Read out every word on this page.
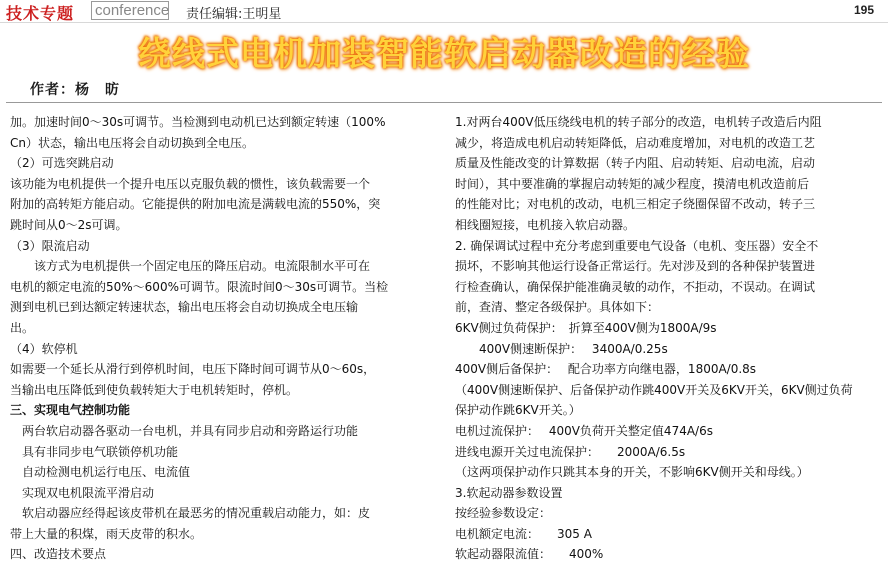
技术专题 conference 责任编辑:王明星	195
绕线式电机加装智能软启动器改造的经验
作者：杨　昉

加。加速时间0～30s可调节。当检测到电动机已达到额定转速（100%

Cn）状态，输出电压将会自动切换到全电压。

（2）可选突跳启动

该功能为电机提供一个提升电压以克服负载的惯性，该负载需要一个

附加的高转矩方能启动。它能提供的附加电流是满载电流的550%，突

跳时间从0～2s可调。

（3）限流启动

　　该方式为电机提供一个固定电压的降压启动。电流限制水平可在

电机的额定电流的50%～600%可调节。限流时间0～30s可调节。当检

测到电机已到达额定转速状态，输出电压将会自动切换成全电压输

出。

（4）软停机

如需要一个延长从滑行到停机时间，电压下降时间可调节从0～60s，

当输出电压降低到使负载转矩大于电机转矩时，停机。

三、实现电气控制功能

　两台软启动器各驱动一台电机，并具有同步启动和旁路运行功能

　具有非同步电气联锁停机功能

　自动检测电机运行电压、电流值

　实现双电机限流平滑启动

　软启动器应经得起该皮带机在最恶劣的情况重载启动能力，如：皮

带上大量的积煤，雨天皮带的积水。

四、改造技术要点

1.对两台400V低压绕线电机的转子部分的改造，电机转子改造后内阻

减少，将造成电机启动转矩降低，启动难度增加，对电机的改造工艺

质量及性能改变的计算数据（转子内阻、启动转矩、启动电流，启动

时间），其中要准确的掌握启动转矩的减少程度，摸清电机改造前后

的性能对比；对电机的改动，电机三相定子绕圈保留不改动，转子三

相线圈短接，电机接入软启动器。

2. 确保调试过程中充分考虑到重要电气设备（电机、变压器）安全不

损坏，不影响其他运行设备正常运行。先对涉及到的各种保护装置进

行检查确认，确保保护能准确灵敏的动作，不拒动，不误动。在调试

前，查清、整定各级保护。具体如下：

6KV侧过负荷保护：　折算至400V侧为1800A/9s

　　400V侧速断保护：　 3400A/0.25s

400V侧后备保护：　 配合功率方向继电器，1800A/0.8s

（400V侧速断保护、后备保护动作跳400V开关及6KV开关，6KV侧过负荷

保护动作跳6KV开关。）

电机过流保护：　 400V负荷开关整定值474A/6s

进线电源开关过电流保护：　　2000A/6.5s

（这两项保护动作只跳其本身的开关，不影响6KV侧开关和母线。）

3.软起动器参数设置

按经验参数设定：

电机额定电流：　　305 A

软起动器限流值：　　400%
